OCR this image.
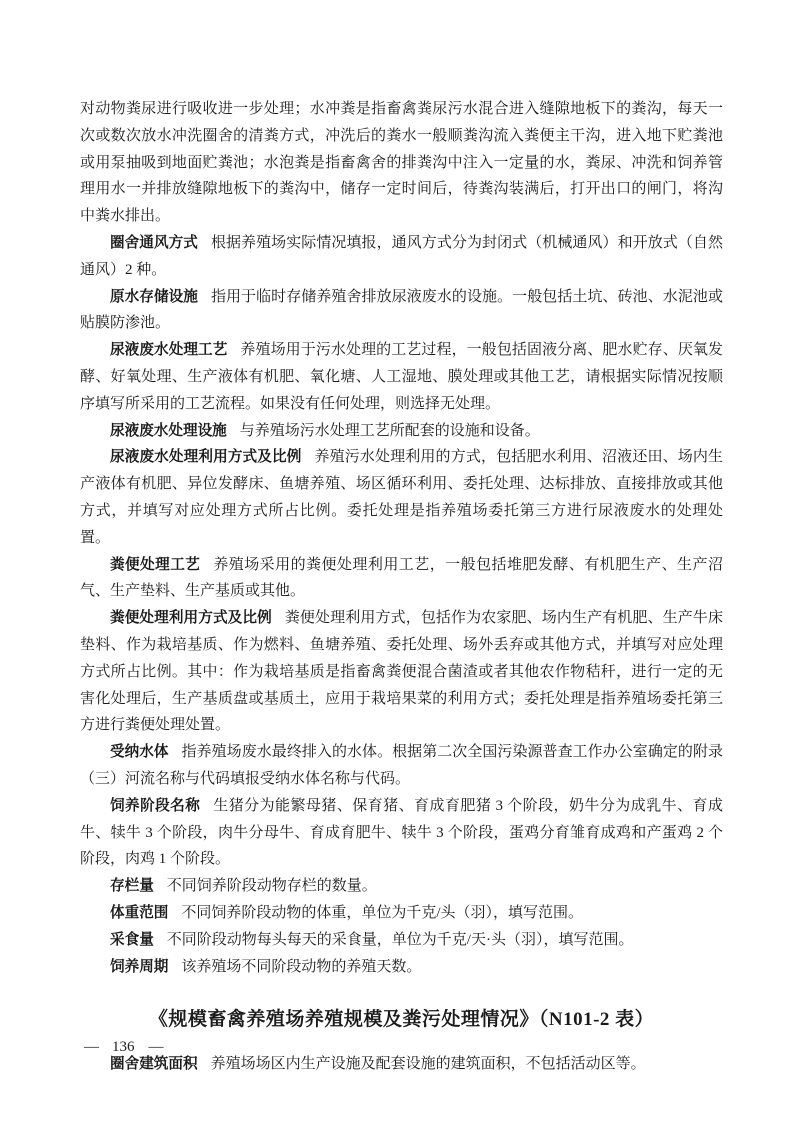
对动物粪尿进行吸收进一步处理；水冲粪是指畜禽粪尿污水混合进入缝隙地板下的粪沟，每天一次或数次放水冲洗圈舍的清粪方式，冲洗后的粪水一般顺粪沟流入粪便主干沟，进入地下贮粪池或用泵抽吸到地面贮粪池；水泡粪是指畜禽舍的排粪沟中注入一定量的水，粪尿、冲洗和饲养管理用水一并排放缝隙地板下的粪沟中，储存一定时间后，待粪沟装满后，打开出口的闸门，将沟中粪水排出。

圈舍通风方式 根据养殖场实际情况填报，通风方式分为封闭式（机械通风）和开放式（自然通风）2 种。

原水存储设施 指用于临时存储养殖舍排放尿液废水的设施。一般包括土坑、砖池、水泥池或贴膜防渗池。

尿液废水处理工艺 养殖场用于污水处理的工艺过程，一般包括固液分离、肥水贮存、厌氧发酵、好氧处理、生产液体有机肥、氧化塘、人工湿地、膜处理或其他工艺，请根据实际情况按顺序填写所采用的工艺流程。如果没有任何处理，则选择无处理。

尿液废水处理设施 与养殖场污水处理工艺所配套的设施和设备。

尿液废水处理利用方式及比例 养殖污水处理利用的方式，包括肥水利用、沼液还田、场内生产液体有机肥、异位发酵床、鱼塘养殖、场区循环利用、委托处理、达标排放、直接排放或其他方式，并填写对应处理方式所占比例。委托处理是指养殖场委托第三方进行尿液废水的处理处置。

粪便处理工艺 养殖场采用的粪便处理利用工艺，一般包括堆肥发酵、有机肥生产、生产沼气、生产垫料、生产基质或其他。

粪便处理利用方式及比例 粪便处理利用方式，包括作为农家肥、场内生产有机肥、生产牛床垫料、作为栽培基质、作为燃料、鱼塘养殖、委托处理、场外丢弃或其他方式，并填写对应处理方式所占比例。其中：作为栽培基质是指畜禽粪便混合菌渣或者其他农作物秸秆，进行一定的无害化处理后，生产基质盘或基质土，应用于栽培果菜的利用方式；委托处理是指养殖场委托第三方进行粪便处理处置。

受纳水体 指养殖场废水最终排入的水体。根据第二次全国污染源普查工作办公室确定的附录（三）河流名称与代码填报受纳水体名称与代码。

饲养阶段名称 生猪分为能繁母猪、保育猪、育成育肥猪 3 个阶段，奶牛分为成乳牛、育成牛、犊牛 3 个阶段，肉牛分母牛、育成育肥牛、犊牛 3 个阶段，蛋鸡分育雏育成鸡和产蛋鸡 2 个阶段，肉鸡 1 个阶段。

存栏量 不同饲养阶段动物存栏的数量。

体重范围 不同饲养阶段动物的体重，单位为千克/头（羽），填写范围。

采食量 不同阶段动物每头每天的采食量，单位为千克/天·头（羽），填写范围。

饲养周期 该养殖场不同阶段动物的养殖天数。

《规模畜禽养殖场养殖规模及粪污处理情况》（N101-2 表）

圈舍建筑面积 养殖场场区内生产设施及配套设施的建筑面积，不包括活动区等。

— 136 —
